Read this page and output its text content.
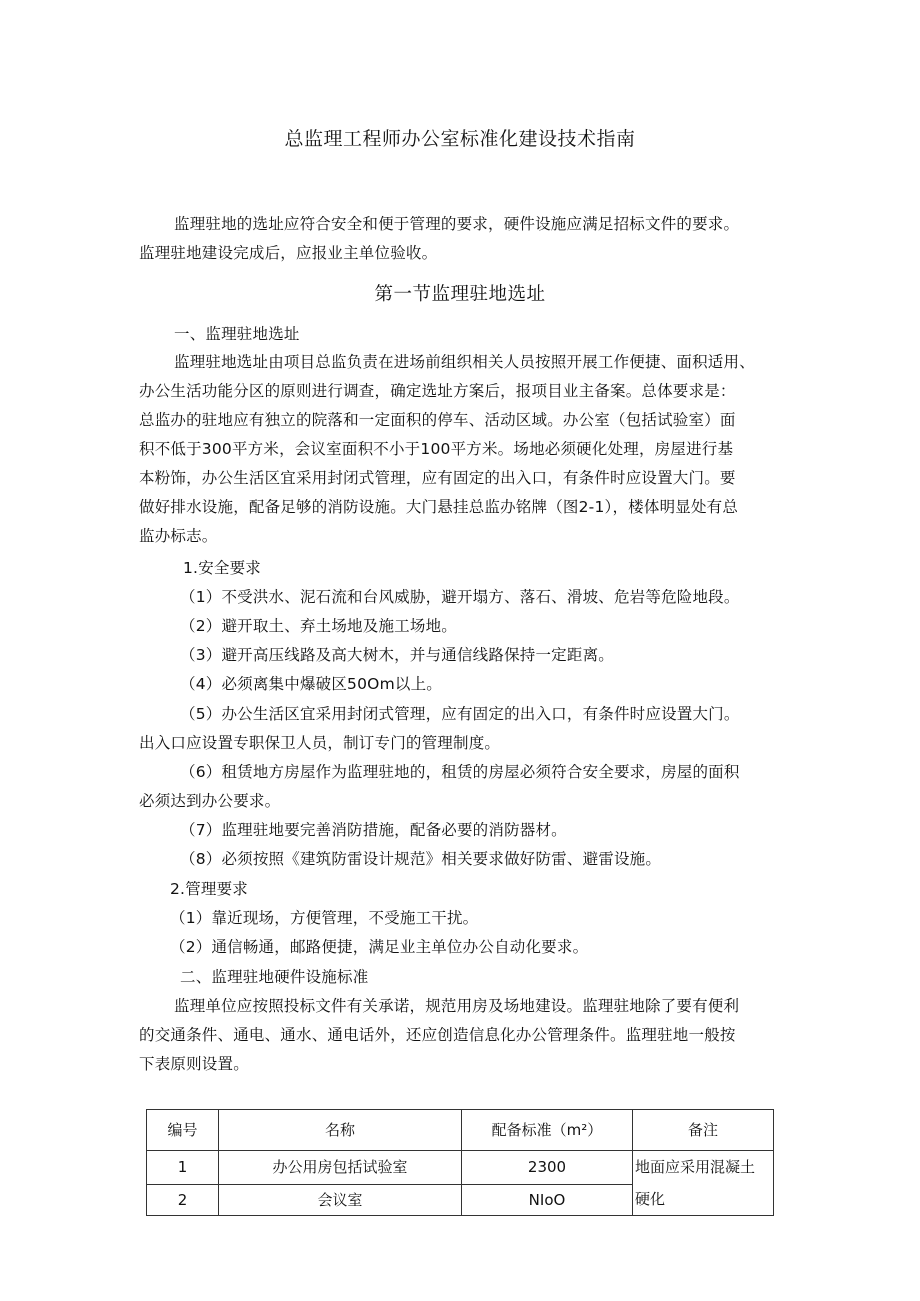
总监理工程师办公室标准化建设技术指南
监理驻地的选址应符合安全和便于管理的要求，硬件设施应满足招标文件的要求。
监理驻地建设完成后，应报业主单位验收。
第一节监理驻地选址
一、监理驻地选址
监理驻地选址由项目总监负责在进场前组织相关人员按照开展工作便捷、面积适用、
办公生活功能分区的原则进行调查，确定选址方案后，报项目业主备案。总体要求是：
总监办的驻地应有独立的院落和一定面积的停车、活动区域。办公室（包括试验室）面
积不低于300平方米，会议室面积不小于100平方米。场地必须硬化处理，房屋进行基
本粉饰，办公生活区宜采用封闭式管理，应有固定的出入口，有条件时应设置大门。要
做好排水设施，配备足够的消防设施。大门悬挂总监办铭牌（图2-1），楼体明显处有总
监办标志。
1.安全要求
（1）不受洪水、泥石流和台风威胁，避开塌方、落石、滑坡、危岩等危险地段。
（2）避开取土、弃土场地及施工场地。
（3）避开高压线路及高大树木，并与通信线路保持一定距离。
（4）必须离集中爆破区50Om以上。
（5）办公生活区宜采用封闭式管理，应有固定的出入口，有条件时应设置大门。
出入口应设置专职保卫人员，制订专门的管理制度。
（6）租赁地方房屋作为监理驻地的，租赁的房屋必须符合安全要求，房屋的面积
必须达到办公要求。
（7）监理驻地要完善消防措施，配备必要的消防器材。
（8）必须按照《建筑防雷设计规范》相关要求做好防雷、避雷设施。
2.管理要求
（1）靠近现场，方便管理，不受施工干扰。
（2）通信畅通，邮路便捷，满足业主单位办公自动化要求。
二、监理驻地硬件设施标准
监理单位应按照投标文件有关承诺，规范用房及场地建设。监理驻地除了要有便利
的交通条件、通电、通水、通电话外，还应创造信息化办公管理条件。监理驻地一般按
下表原则设置。
编号	名称	配备标准（m²）	备注
1	办公用房包括试验室	2300	地面应采用混凝土
硬化

2	会议室	NIoO	
